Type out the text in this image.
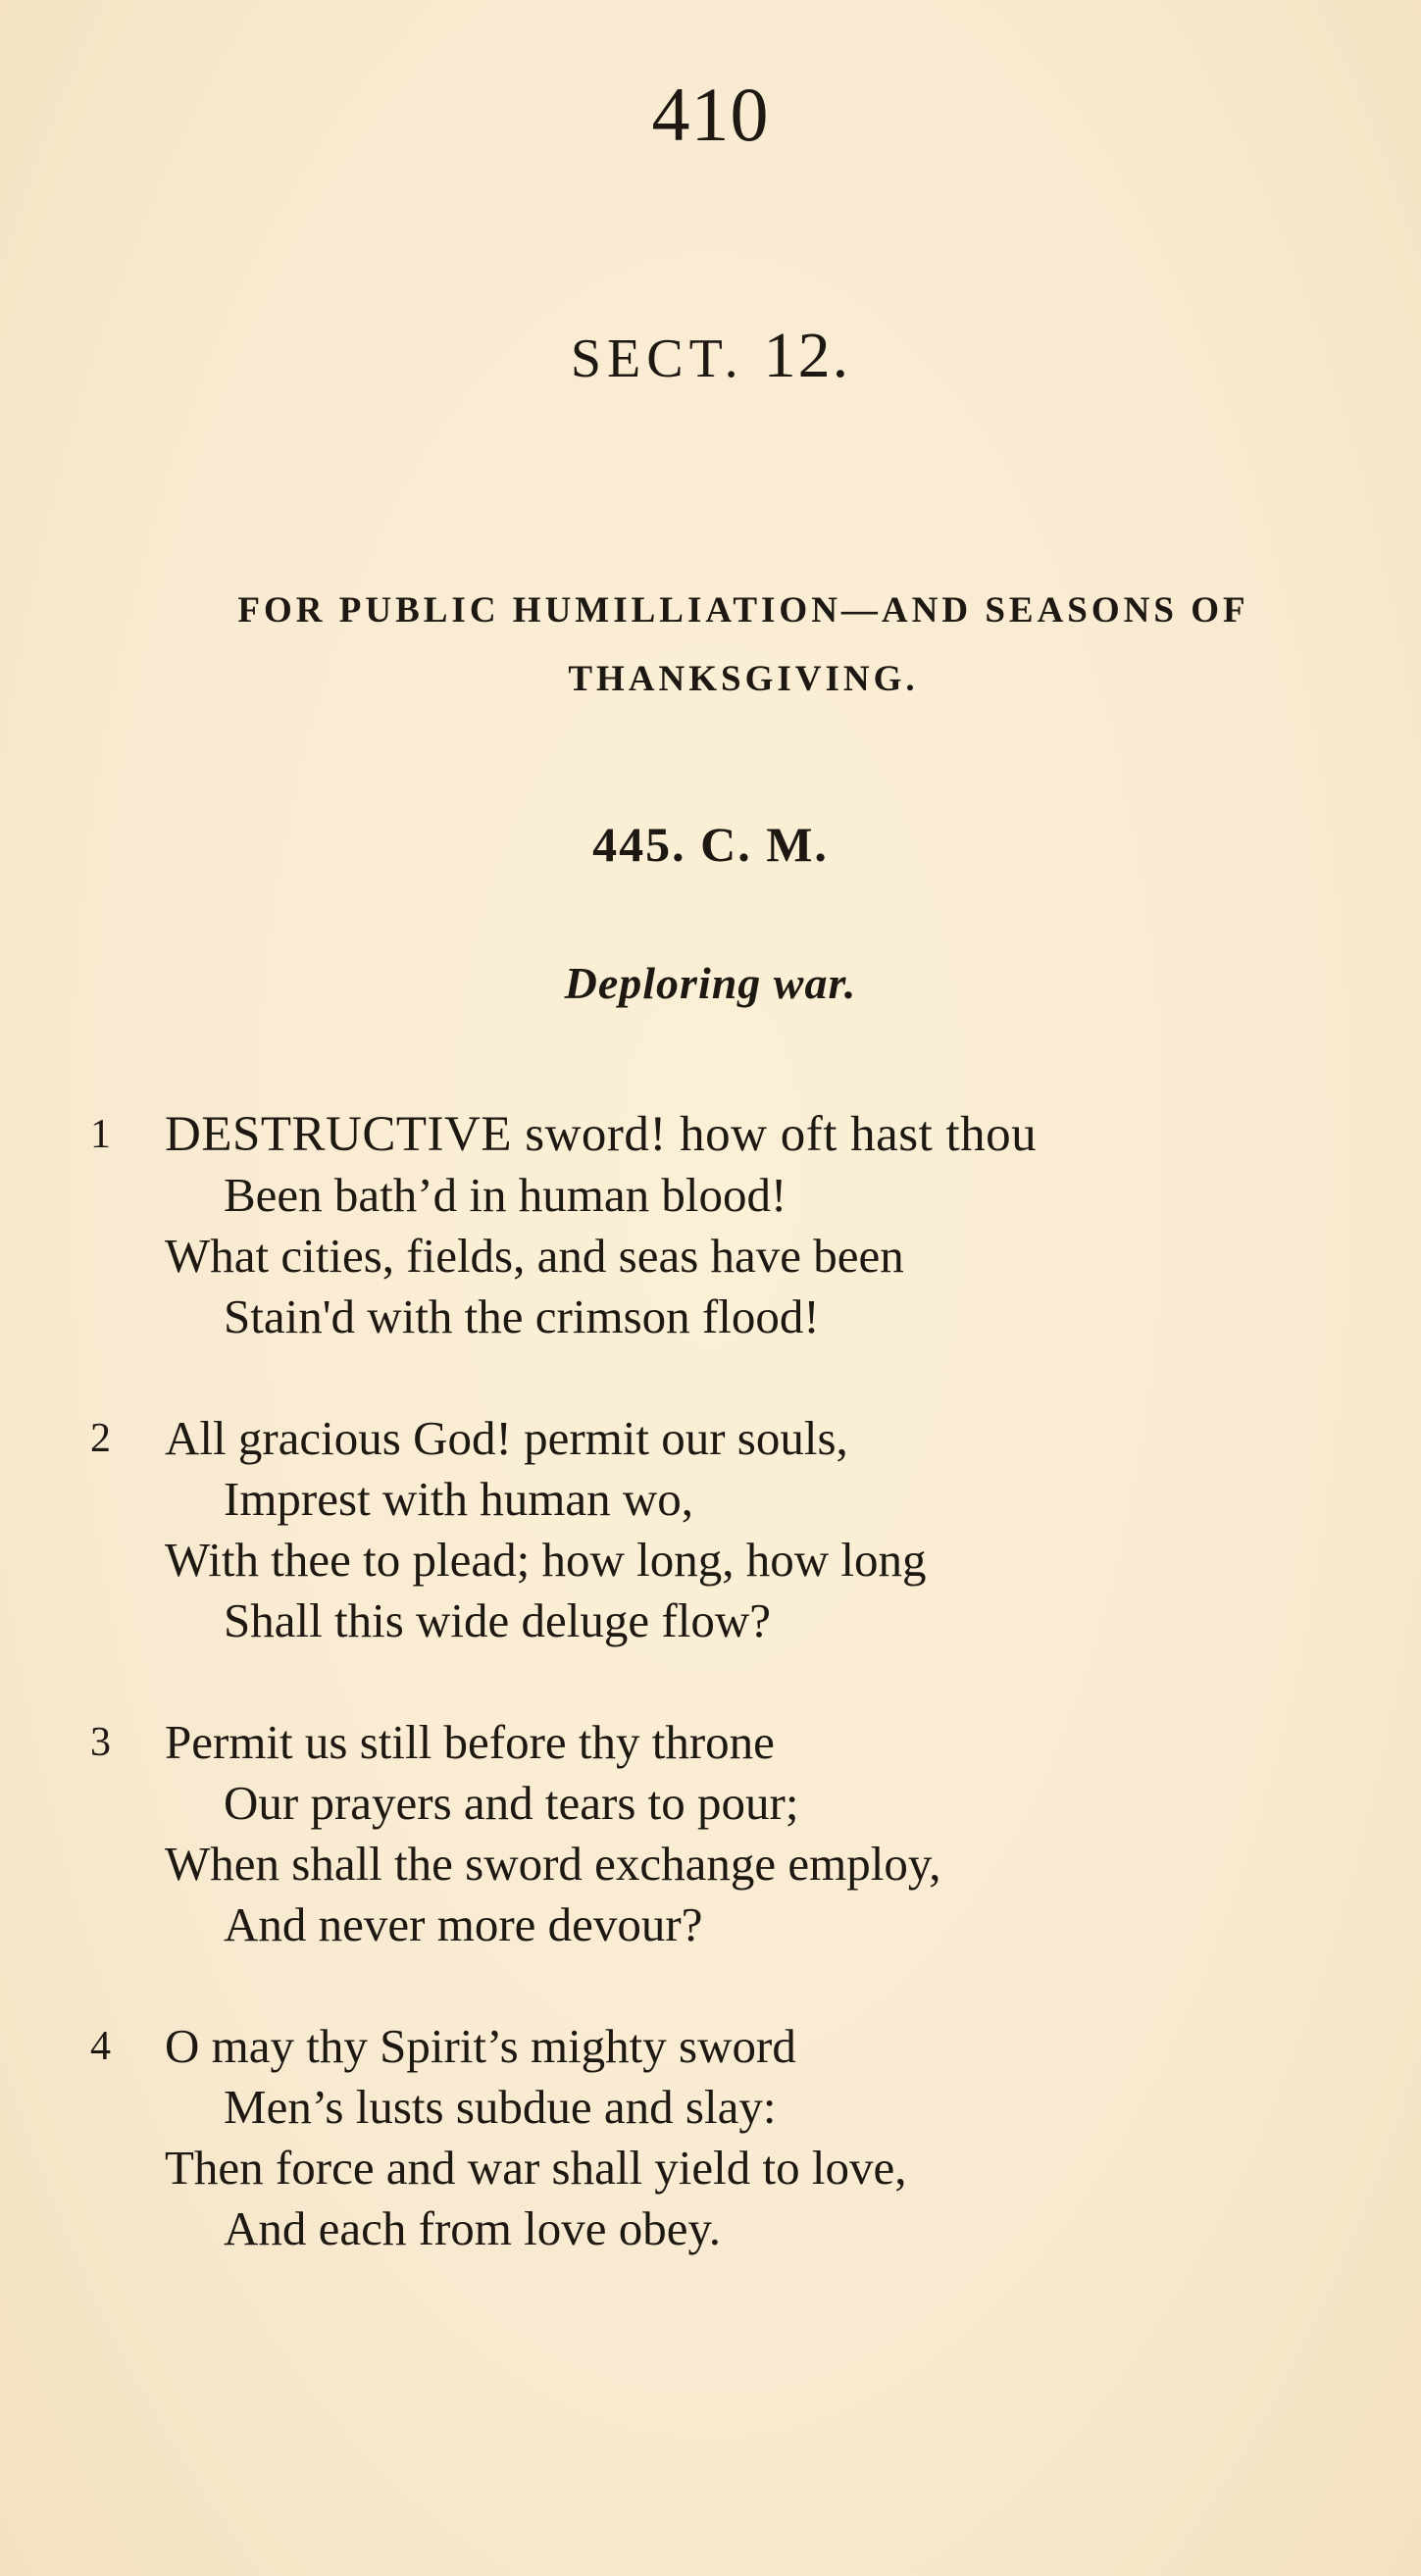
410
SECT. 12.
FOR PUBLIC HUMILLIATION—AND SEASONS OF
THANKSGIVING.
445. C. M.
Deploring war.
1	DESTRUCTIVE sword! how oft hast thou
Been bath’d in human blood!
What cities, fields, and seas have been
Stain'd with the crimson flood!
2	All gracious God! permit our souls,
Imprest with human wo,
With thee to plead; how long, how long
Shall this wide deluge flow?
3	Permit us still before thy throne
Our prayers and tears to pour;
When shall the sword exchange employ,
And never more devour?
4	O may thy Spirit’s mighty sword
Men’s lusts subdue and slay:
Then force and war shall yield to love,
And each from love obey.
